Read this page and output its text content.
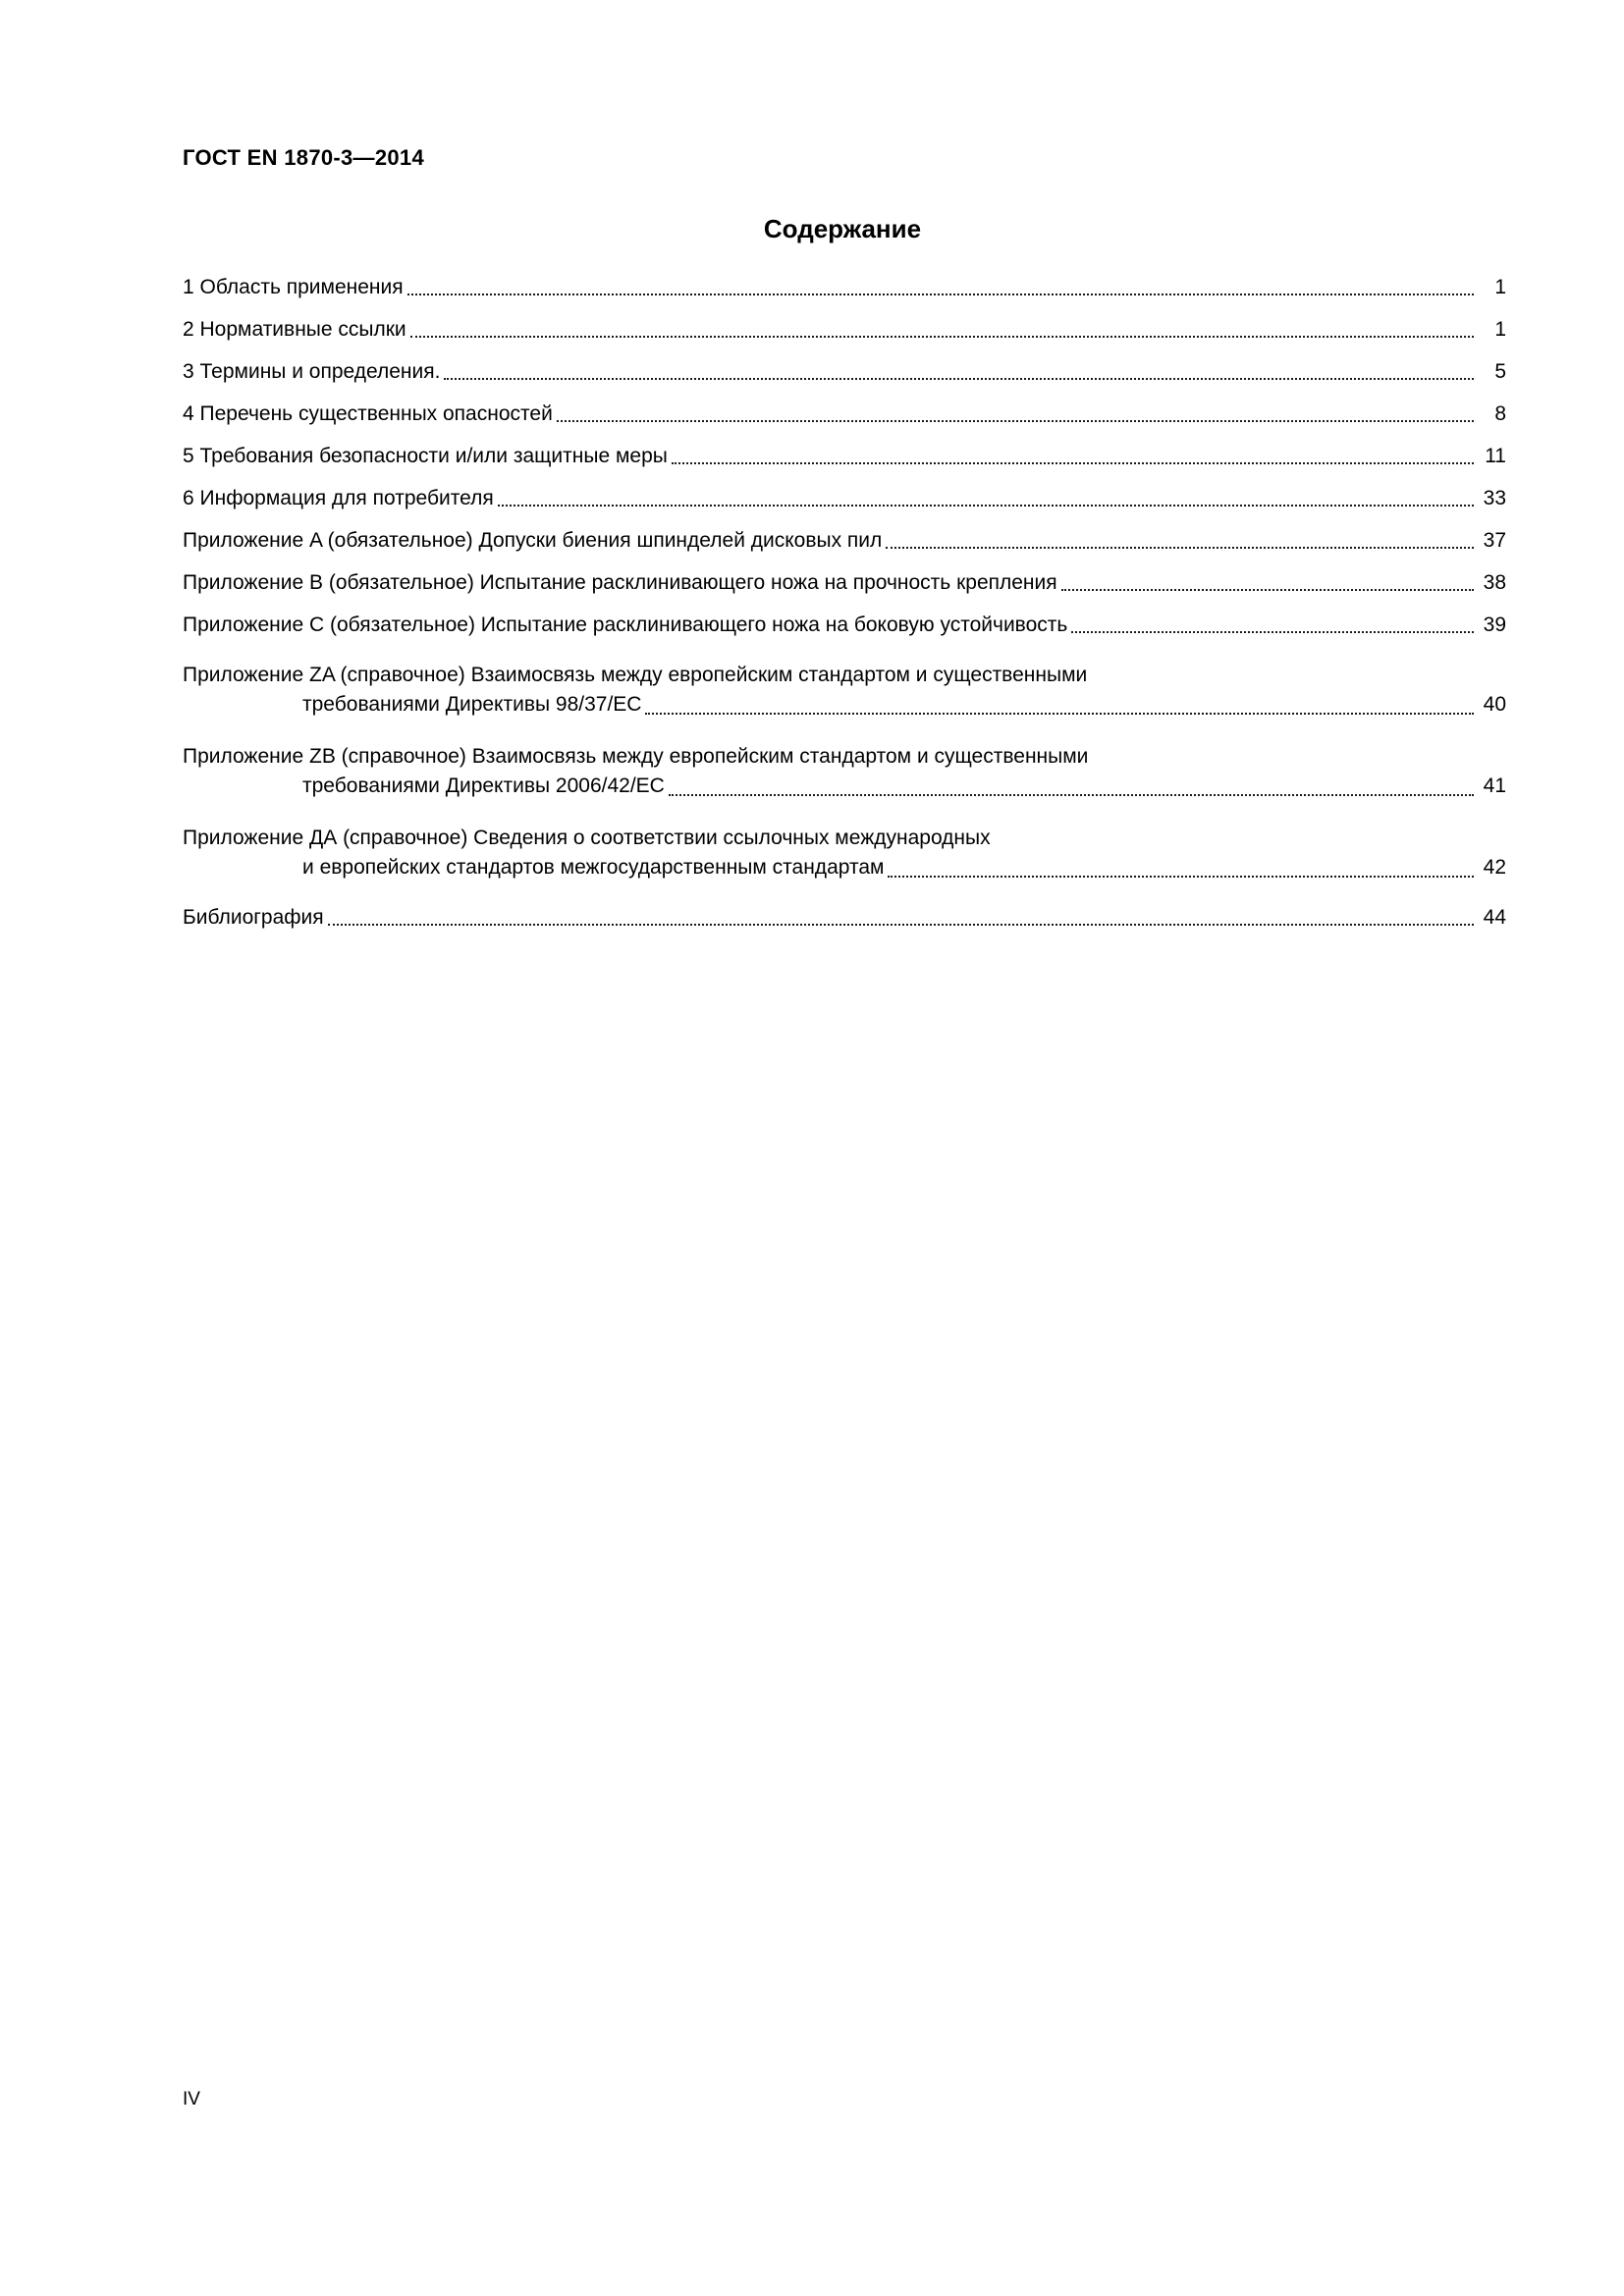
ГОСТ EN 1870-3—2014
Содержание
1 Область применения	1
2 Нормативные ссылки	1
3 Термины и определения.	5
4 Перечень существенных опасностей	8
5 Требования безопасности и/или защитные меры	11
6 Информация для потребителя	33
Приложение A (обязательное) Допуски биения шпинделей дисковых пил	37
Приложение B (обязательное) Испытание расклинивающего ножа на прочность крепления	38
Приложение C (обязательное) Испытание расклинивающего ножа на боковую устойчивость	39
Приложение ZA (справочное) Взаимосвязь между европейским стандартом и существенными
требованиями Директивы 98/37/ЕС	40
Приложение ZB (справочное) Взаимосвязь между европейским стандартом и существенными
требованиями Директивы 2006/42/ЕС	41
Приложение ДА (справочное) Сведения о соответствии ссылочных международных
и европейских стандартов межгосударственным стандартам	42
Библиография	44
IV
